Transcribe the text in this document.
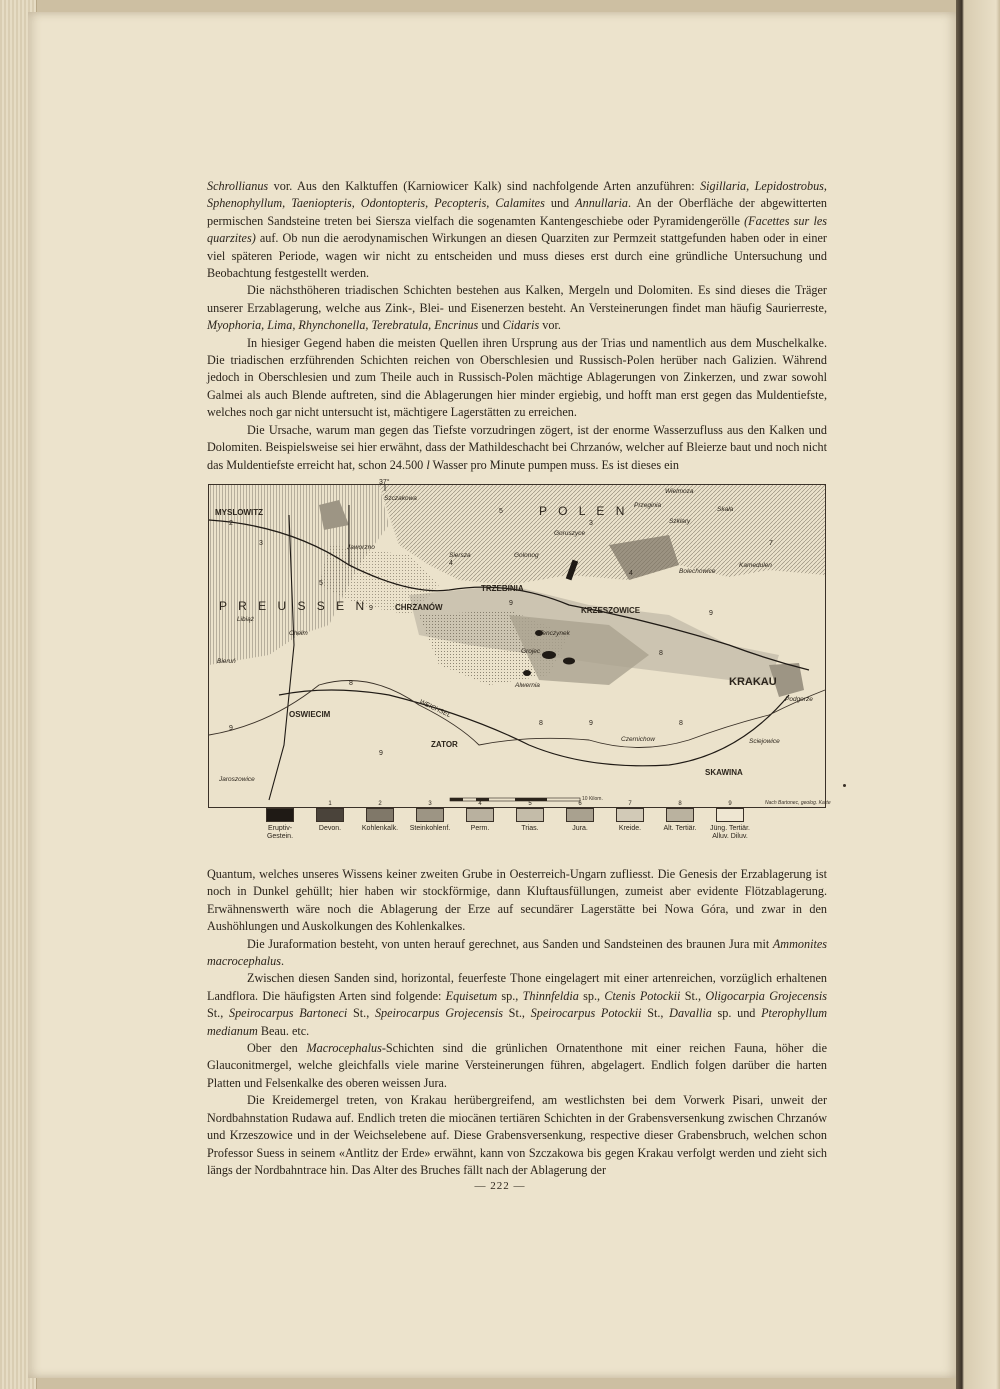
Schrollianus vor. Aus den Kalktuffen (Karniowicer Kalk) sind nachfolgende Arten anzuführen: Sigillaria, Lepidostrobus, Sphenophyllum, Taeniopteris, Odontopteris, Pecopteris, Calamites und Annullaria. An der Oberfläche der abgewitterten permischen Sandsteine treten bei Siersza vielfach die sogenamten Kantengeschiebe oder Pyramidengerölle (Facettes sur les quarzites) auf. Ob nun die aerodynamischen Wirkungen an diesen Quarziten zur Permzeit stattgefunden haben oder in einer viel späteren Periode, wagen wir nicht zu entscheiden und muss dieses erst durch eine gründliche Untersuchung und Beobachtung festgestellt werden.

Die nächsthöheren triadischen Schichten bestehen aus Kalken, Mergeln und Dolomiten. Es sind dieses die Träger unserer Erzablagerung, welche aus Zink-, Blei- und Eisenerzen besteht. An Versteinerungen findet man häufig Saurierreste, Myophoria, Lima, Rhynchonella, Terebratula, Encrinus und Cidaris vor.

In hiesiger Gegend haben die meisten Quellen ihren Ursprung aus der Trias und namentlich aus dem Muschelkalke. Die triadischen erzführenden Schichten reichen von Oberschlesien und Russisch-Polen herüber nach Galizien. Während jedoch in Oberschlesien und zum Theile auch in Russisch-Polen mächtige Ablagerungen von Zinkerzen, und zwar sowohl Galmei als auch Blende auftreten, sind die Ablagerungen hier minder ergiebig, und hofft man erst gegen das Muldentiefste, welches noch gar nicht untersucht ist, mächtigere Lagerstätten zu erreichen.

Die Ursache, warum man gegen das Tiefste vorzudringen zögert, ist der enorme Wasserzufluss aus den Kalken und Dolomiten. Beispielsweise sei hier erwähnt, dass der Mathildeschacht bei Chrzanów, welcher auf Bleierze baut und noch nicht das Muldentiefste erreicht hat, schon 24.500 l Wasser pro Minute pumpen muss. Es ist dieses ein

37°
P R E U S S E N
P O L E N
MYSLOWITZ
CHRZANÓW
TRZEBINIA
KRZESZOWICE
KRAKAU
OSWIECIM
ZATOR
SKAWINA
Szczakowa
Jaworzno
Siersza	Golonog
Goruszyce
Przeginia
Szklary
Czernichow
Alwernia
Tenczynek
Grojec
Bieruń
Chełm
Libiąż
Wielmoza
Skała
Bolechowice
Kamedulen
Podgorze
Sciejowice
Jaroszowice
WEICHSEL
2
3
5
9
4
9
5
3
4
8
9
9	8
7
8
9
9
8
10 Kilom.
Nach Bartonec, geolog. Karte
Eruptiv-Gestein.
1
Devon.
2
Kohlenkalk.
3
Steinkohlenf.
4
Perm.
5
Trias.
6
Jura.
7
Kreide.
8
Alt. Tertiär.
9
Jüng. Tertiär. Alluv. Diluv.

Quantum, welches unseres Wissens keiner zweiten Grube in Oesterreich-Ungarn zufliesst. Die Genesis der Erzablagerung ist noch in Dunkel gehüllt; hier haben wir stockförmige, dann Kluftausfüllungen, zumeist aber evidente Flötzablagerung. Erwähnenswerth wäre noch die Ablagerung der Erze auf secundärer Lagerstätte bei Nowa Góra, und zwar in den Aushöhlungen und Auskolkungen des Kohlenkalkes.

Die Juraformation besteht, von unten herauf gerechnet, aus Sanden und Sandsteinen des braunen Jura mit Ammonites macrocephalus.

Zwischen diesen Sanden sind, horizontal, feuerfeste Thone eingelagert mit einer artenreichen, vorzüglich erhaltenen Landflora. Die häufigsten Arten sind folgende: Equisetum sp., Thinnfeldia sp., Ctenis Potockii St., Oligocarpia Grojecensis St., Speirocarpus Bartoneci St., Speirocarpus Grojecensis St., Speirocarpus Potockii St., Davallia sp. und Pterophyllum medianum Beau. etc.

Ober den Macrocephalus-Schichten sind die grünlichen Ornatenthone mit einer reichen Fauna, höher die Glauconitmergel, welche gleichfalls viele marine Versteinerungen führen, abgelagert. Endlich folgen darüber die harten Platten und Felsenkalke des oberen weissen Jura.

Die Kreidemergel treten, von Krakau herübergreifend, am westlichsten bei dem Vorwerk Pisari, unweit der Nordbahnstation Rudawa auf. Endlich treten die miocänen tertiären Schichten in der Grabensversenkung zwischen Chrzanów und Krzeszowice und in der Weichselebene auf. Diese Grabensversenkung, respective dieser Grabensbruch, welchen schon Professor Suess in seinem «Antlitz der Erde» erwähnt, kann von Szczakowa bis gegen Krakau verfolgt werden und zieht sich längs der Nordbahntrace hin. Das Alter des Bruches fällt nach der Ablagerung der

— 222 —
